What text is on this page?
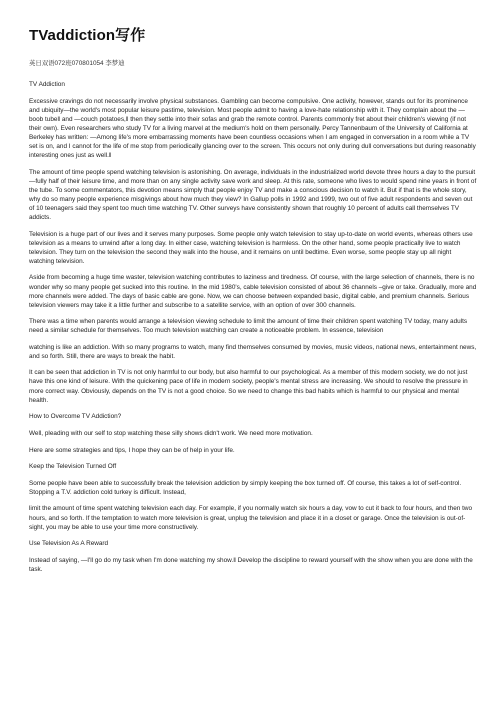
TVaddiction写作
英日双语072班070801054 李梦迪

TV Addiction

Excessive cravings do not necessarily involve physical substances. Gambling can become compulsive. One activity, however, stands out for its prominence and ubiquity—the world's most popular leisure pastime, television. Most people admit to having a love-hate relationship with it. They complain about the —boob tube‖ and —couch potatoes,‖ then they settle into their sofas and grab the remote control. Parents commonly fret about their children's viewing (if not their own). Even researchers who study TV for a living marvel at the medium's hold on them personally. Percy Tannenbaum of the University of California at Berkeley has written: —Among life's more embarrassing moments have been countless occasions when I am engaged in conversation in a room while a TV set is on, and I cannot for the life of me stop from periodically glancing over to the screen. This occurs not only during dull conversations but during reasonably interesting ones just as well.‖

The amount of time people spend watching television is astonishing. On average, individuals in the industrialized world devote three hours a day to the pursuit—fully half of their leisure time, and more than on any single activity save work and sleep. At this rate, someone who lives to would spend nine years in front of the tube. To some commentators, this devotion means simply that people enjoy TV and make a conscious decision to watch it. But if that is the whole story, why do so many people experience misgivings about how much they view? In Gallup polls in 1992 and 1999, two out of five adult respondents and seven out of 10 teenagers said they spent too much time watching TV. Other surveys have consistently shown that roughly 10 percent of adults call themselves TV addicts.

Television is a huge part of our lives and it serves many purposes. Some people only watch television to stay up-to-date on world events, whereas others use television as a means to unwind after a long day. In either case, watching television is harmless. On the other hand, some people practically live to watch television. They turn on the television the second they walk into the house, and it remains on until bedtime. Even worse, some people stay up all night watching television.

Aside from becoming a huge time waster, television watching contributes to laziness and tiredness. Of course, with the large selection of channels, there is no wonder why so many people get sucked into this routine. In the mid 1980's, cable television consisted of about 36 channels –give or take. Gradually, more and more channels were added. The days of basic cable are gone. Now, we can choose between expanded basic, digital cable, and premium channels. Serious television viewers may take it a little further and subscribe to a satellite service, with an option of over 300 channels.

There was a time when parents would arrange a television viewing schedule to limit the amount of time their children spent watching TV today, many adults need a similar schedule for themselves. Too much television watching can create a noticeable problem. In essence, television

watching is like an addiction. With so many programs to watch, many find themselves consumed by movies, music videos, national news, entertainment news, and so forth. Still, there are ways to break the habit.

It can be seen that addiction in TV is not only harmful to our body, but also harmful to our psychological. As a member of this modern society, we do not just have this one kind of leisure. With the quickening pace of life in modern society, people's mental stress are increasing. We should to resolve the pressure in more correct way. Obviously, depends on the TV is not a good choice. So we need to change this bad habits which is harmful to our physical and mental health.

How to Overcome TV Addiction?

Well, pleading with our self to stop watching these silly shows didn't work. We need more motivation.

Here are some strategies and tips, I hope they can be of help in your life.

Keep the Television Turned Off

Some people have been able to successfully break the television addiction by simply keeping the box turned off. Of course, this takes a lot of self-control. Stopping a T.V. addiction cold turkey is difficult. Instead,

limit the amount of time spent watching television each day. For example, if you normally watch six hours a day, vow to cut it back to four hours, and then two hours, and so forth. If the temptation to watch more television is great, unplug the television and place it in a closet or garage. Once the television is out-of-sight, you may be able to use your time more constructively.

Use Television As A Reward

Instead of saying, —I'll go do my task when I'm done watching my show.‖ Develop the discipline to reward yourself with the show when you are done with the task.
